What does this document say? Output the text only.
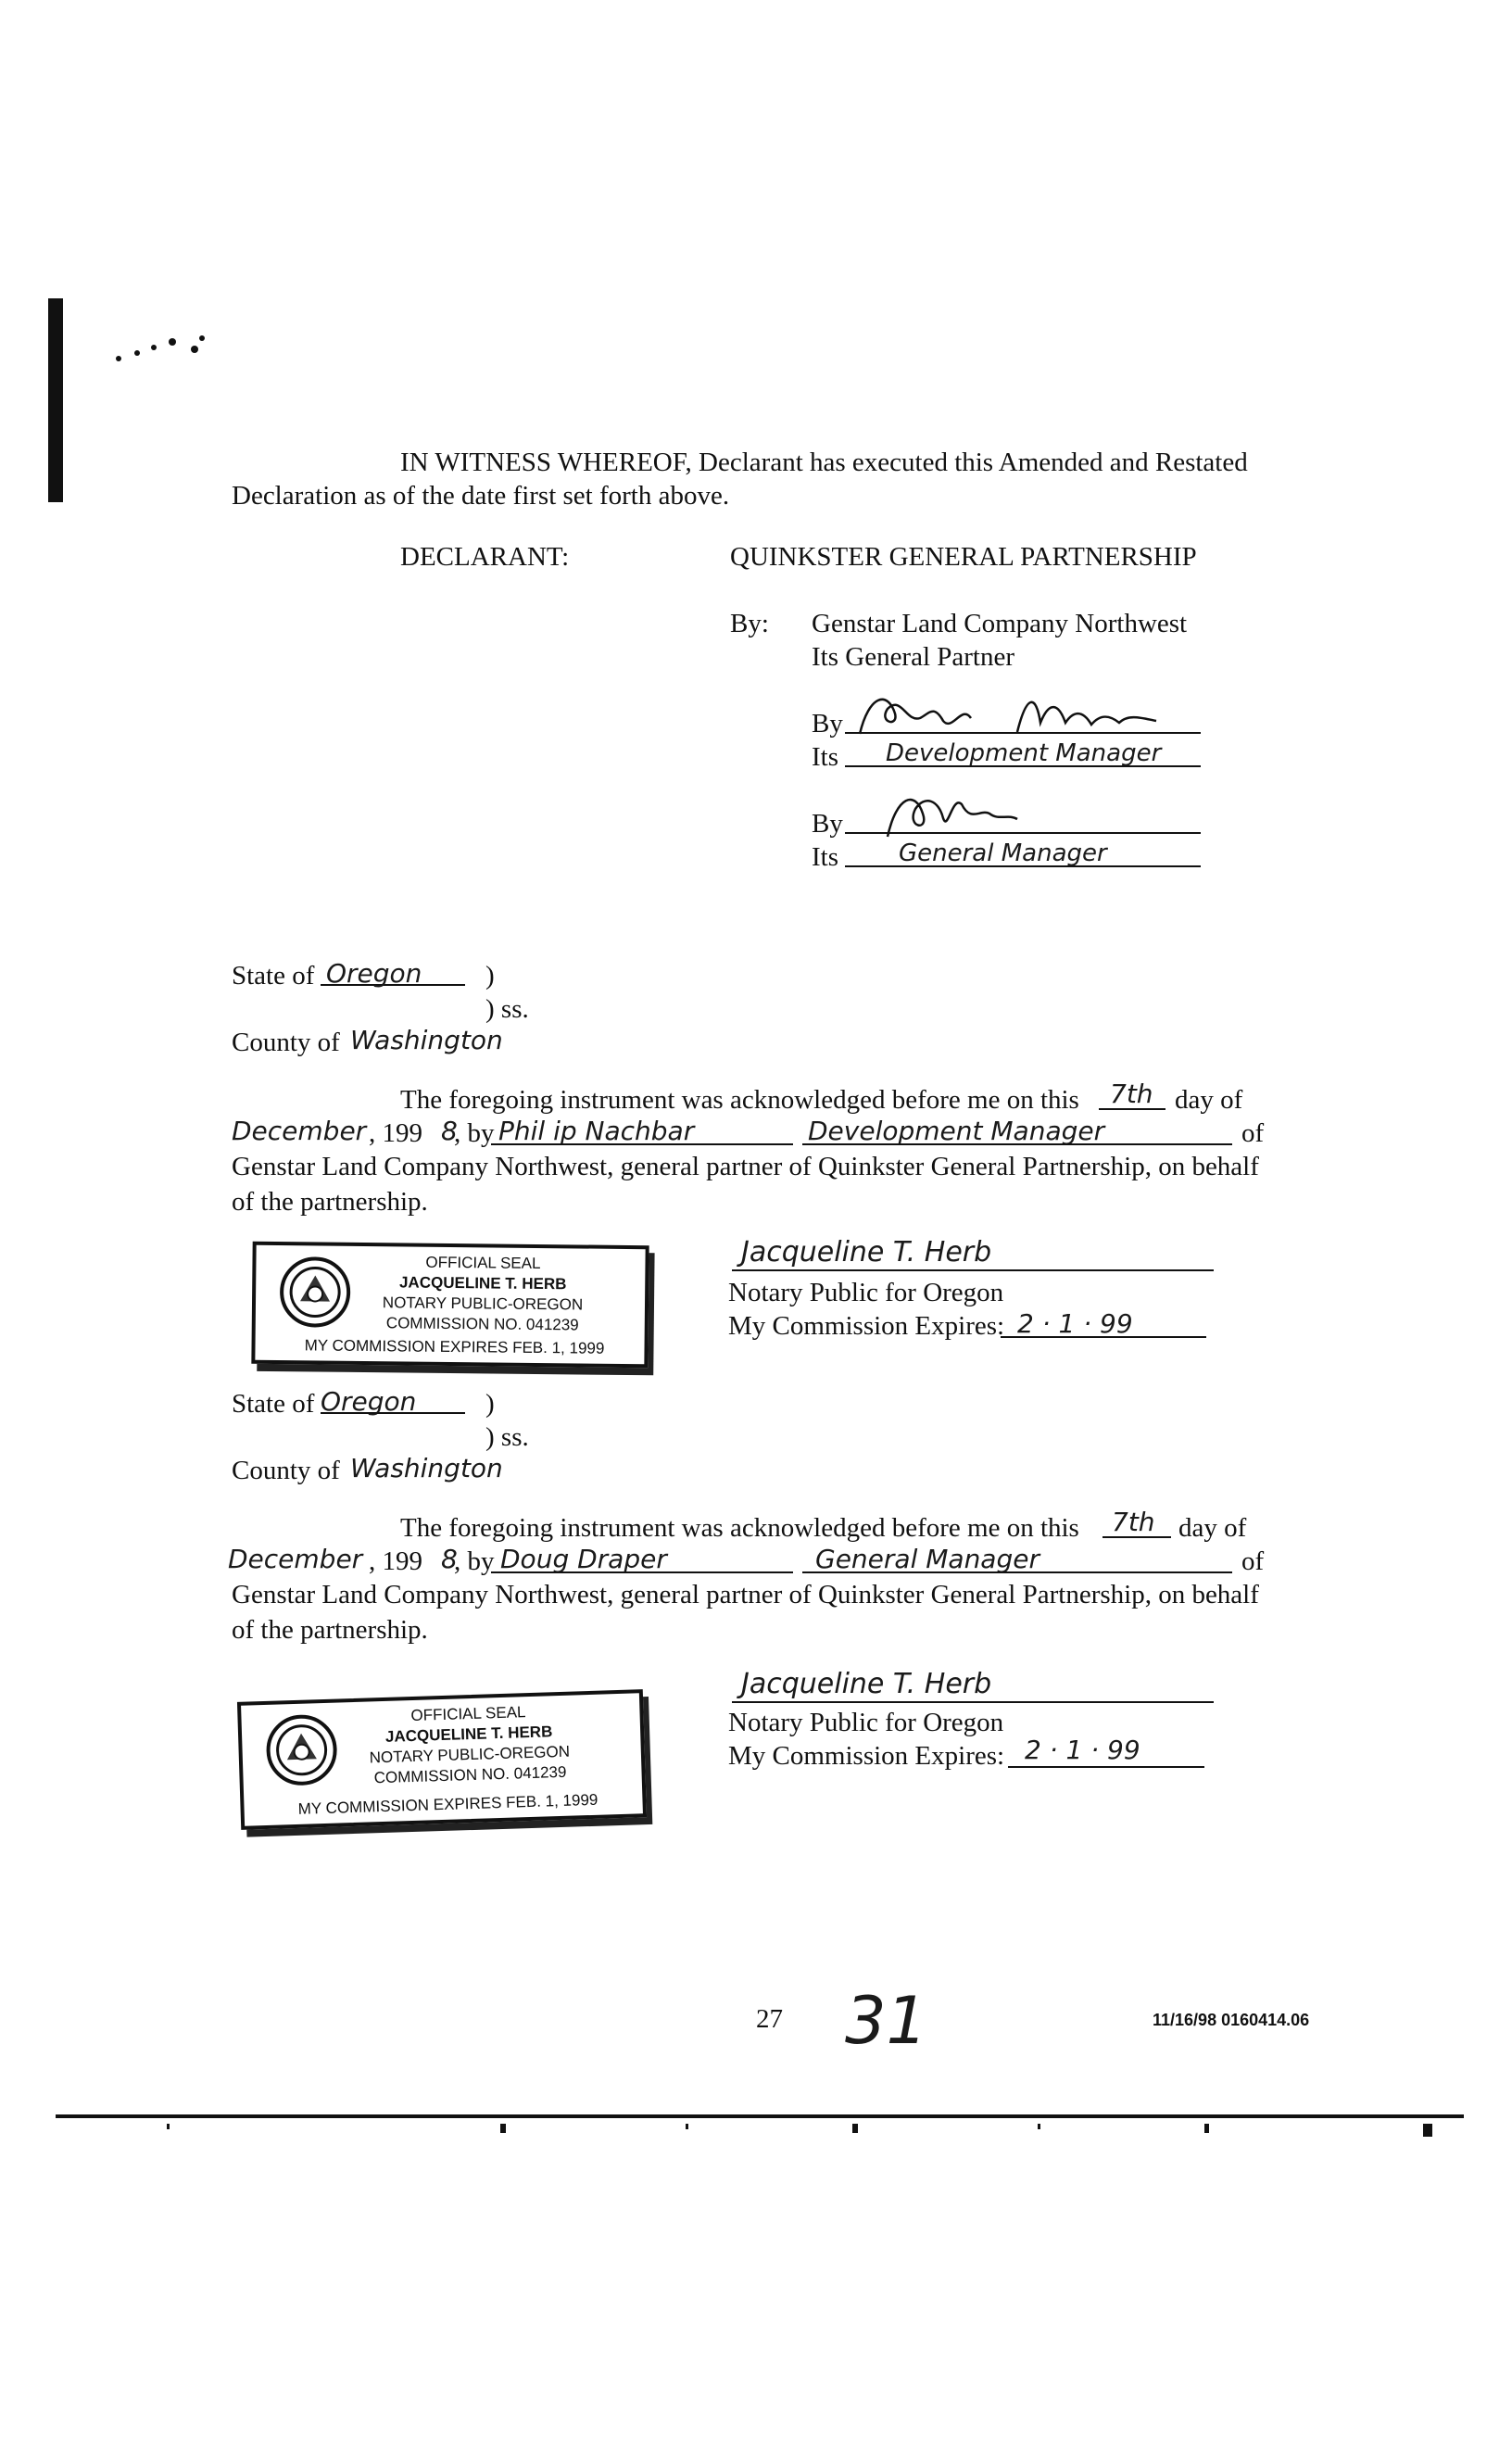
IN WITNESS WHEREOF, Declarant has executed this Amended and Restated
Declaration as of the date first set forth above.
DECLARANT:	QUINKSTER GENERAL PARTNERSHIP
By: Genstar Land Company Northwest
Its General Partner
By
Its Development Manager
By
Its	General Manager
State of Oregon )
) ss.
County of Washington
The foregoing instrument was acknowledged before me on this 7th day of
December , 199 8
, by Phil ip Nachbar	Development Manager	of
Genstar Land Company Northwest, general partner of Quinkster General Partnership, on behalf
of the partnership.
OFFICIAL SEAL
JACQUELINE T. HERB
NOTARY PUBLIC-OREGON
COMMISSION NO. 041239
MY COMMISSION EXPIRES FEB. 1, 1999
Jacqueline T. Herb
Notary Public for Oregon
My Commission Expires: 2 · 1 · 99
State of Oregon	)
) ss.
County of Washington
The foregoing instrument was acknowledged before me on this 7th day of
December , 199 8
, by Doug Draper	General Manager	of
Genstar Land Company Northwest, general partner of Quinkster General Partnership, on behalf
of the partnership.
OFFICIAL SEAL
JACQUELINE T. HERB
NOTARY PUBLIC-OREGON
COMMISSION NO. 041239
MY COMMISSION EXPIRES FEB. 1, 1999
Jacqueline T. Herb
Notary Public for Oregon
My Commission Expires: 2 · 1 · 99
27 31	11/16/98 0160414.06
